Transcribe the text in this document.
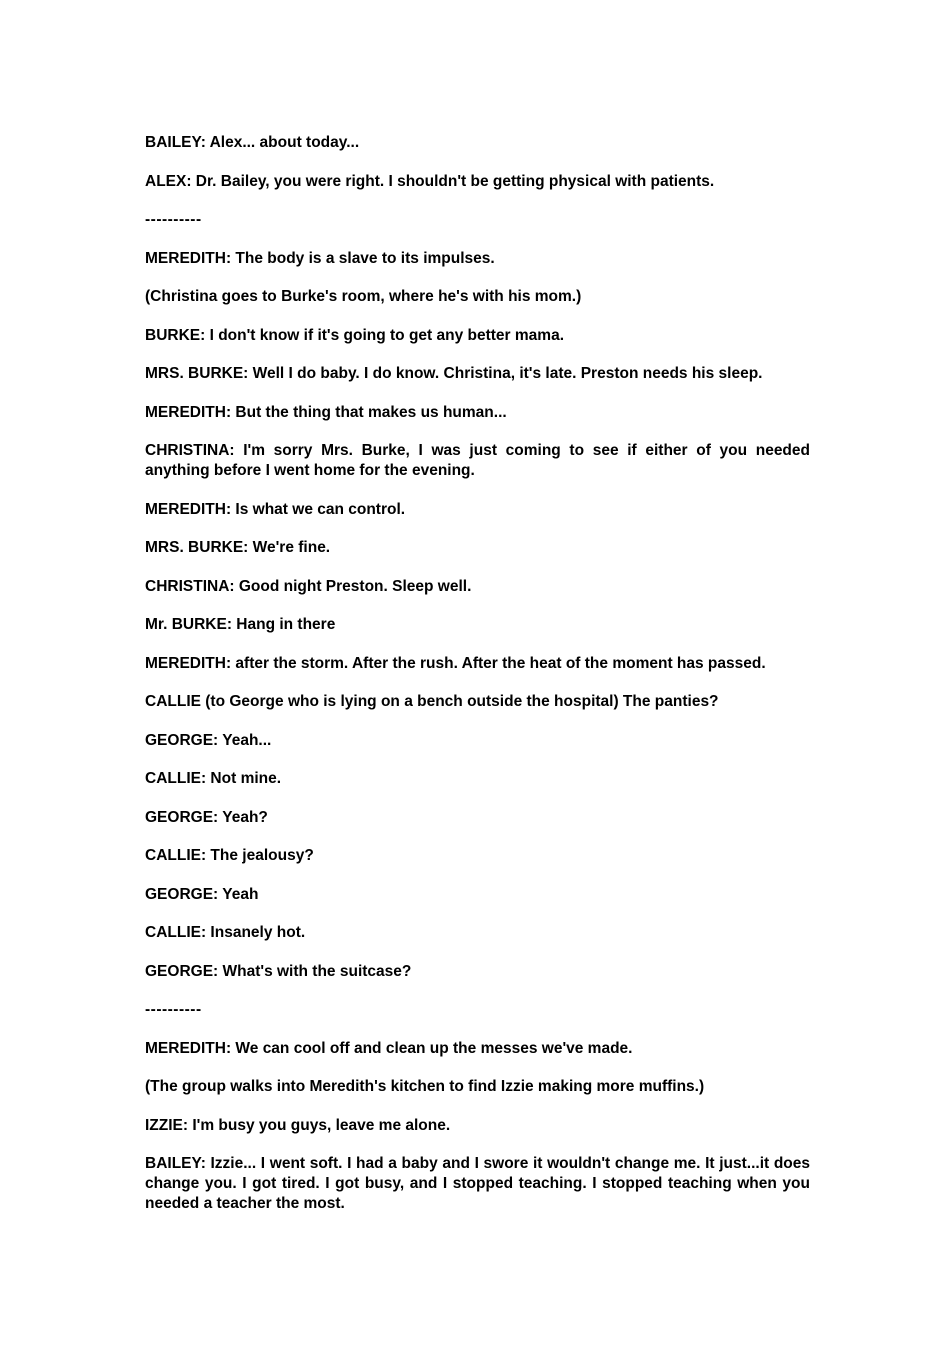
BAILEY: Alex... about today...

ALEX: Dr. Bailey, you were right. I shouldn't be getting physical with patients.

----------

MEREDITH: The body is a slave to its impulses.

(Christina goes to Burke's room, where he's with his mom.)

BURKE: I don't know if it's going to get any better mama.

MRS. BURKE: Well I do baby. I do know. Christina, it's late. Preston needs his sleep.

MEREDITH: But the thing that makes us human...

CHRISTINA: I'm sorry Mrs. Burke, I was just coming to see if either of you needed anything before I went home for the evening.

MEREDITH: Is what we can control.

MRS. BURKE: We're fine.

CHRISTINA: Good night Preston. Sleep well.

Mr. BURKE: Hang in there

MEREDITH: after the storm. After the rush. After the heat of the moment has passed.

CALLIE (to George who is lying on a bench outside the hospital) The panties?

GEORGE: Yeah...

CALLIE: Not mine.

GEORGE: Yeah?

CALLIE: The jealousy?

GEORGE: Yeah

CALLIE: Insanely hot.

GEORGE: What's with the suitcase?

----------

MEREDITH: We can cool off and clean up the messes we've made.

(The group walks into Meredith's kitchen to find Izzie making more muffins.)

IZZIE: I'm busy you guys, leave me alone.

BAILEY: Izzie... I went soft. I had a baby and I swore it wouldn't change me. It just...it does change you. I got tired. I got busy, and I stopped teaching. I stopped teaching when you needed a teacher the most.
